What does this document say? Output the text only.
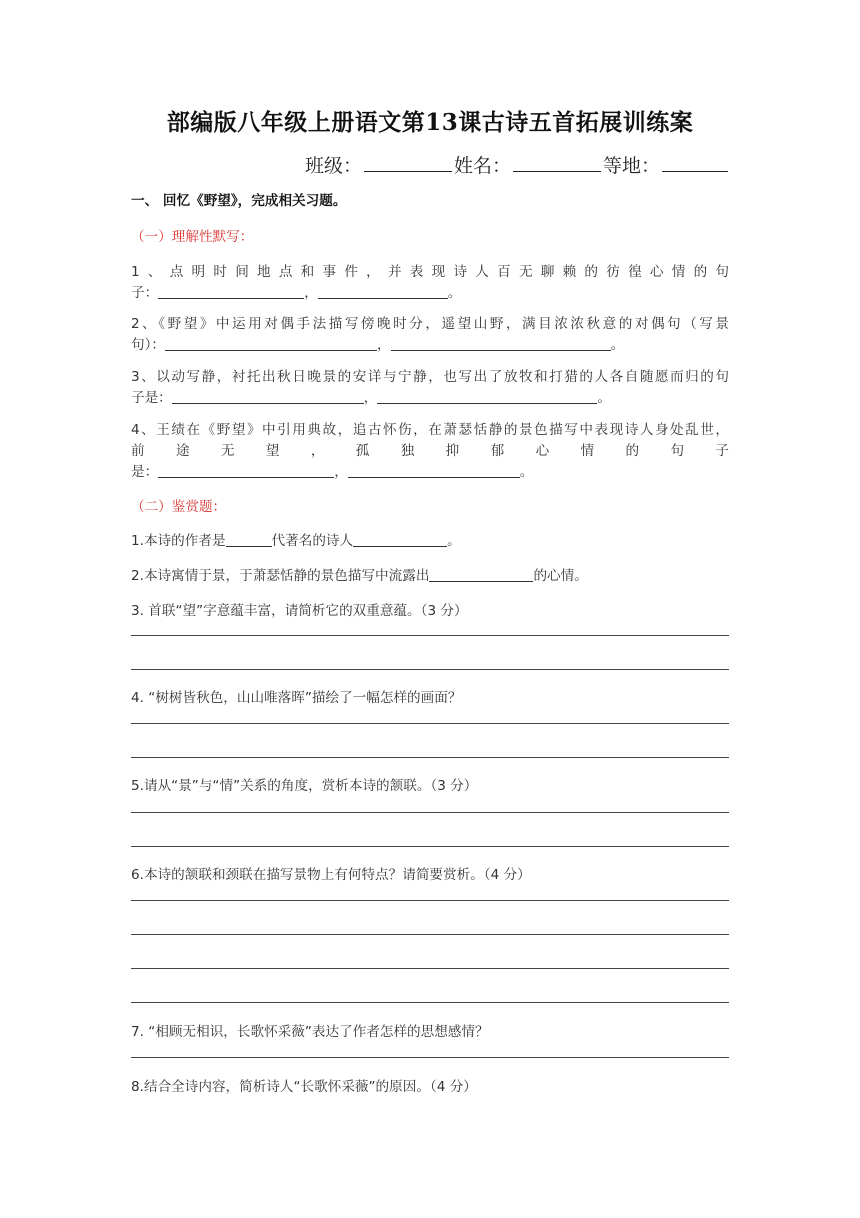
部编版八年级上册语文第13课古诗五首拓展训练案
班级：	姓名：	等地：
一、 回忆《野望》，完成相关习题。
（一）理解性默写：
1、点明时间地点和事件，并表现诗人百无聊赖的彷徨心情的句
子：	，	。
2、《野望》中运用对偶手法描写傍晚时分，遥望山野，满目浓浓秋意的对偶句（写景
句）：	，	。
3、以动写静，衬托出秋日晚景的安详与宁静，也写出了放牧和打猎的人各自随愿而归的句
子是：	，	。
4、王绩在《野望》中引用典故，追古怀伤，在萧瑟恬静的景色描写中表现诗人身处乱世，
前途无望，孤独抑郁心情的句子
是：	，	。
（二）鉴赏题：
1.本诗的作者是	代著名的诗人	。
2.本诗寓情于景，于萧瑟恬静的景色描写中流露出	的心情。
3. 首联“望”字意蕴丰富，请简析它的双重意蕴。（3 分）
4. “树树皆秋色，山山唯落晖”描绘了一幅怎样的画面？
5.请从“景”与“情”关系的角度，赏析本诗的颔联。（3 分）
6.本诗的颔联和颈联在描写景物上有何特点？请简要赏析。（4 分）
7. “相顾无相识，长歌怀采薇”表达了作者怎样的思想感情？
8.结合全诗内容，简析诗人“长歌怀采薇”的原因。（4 分）
